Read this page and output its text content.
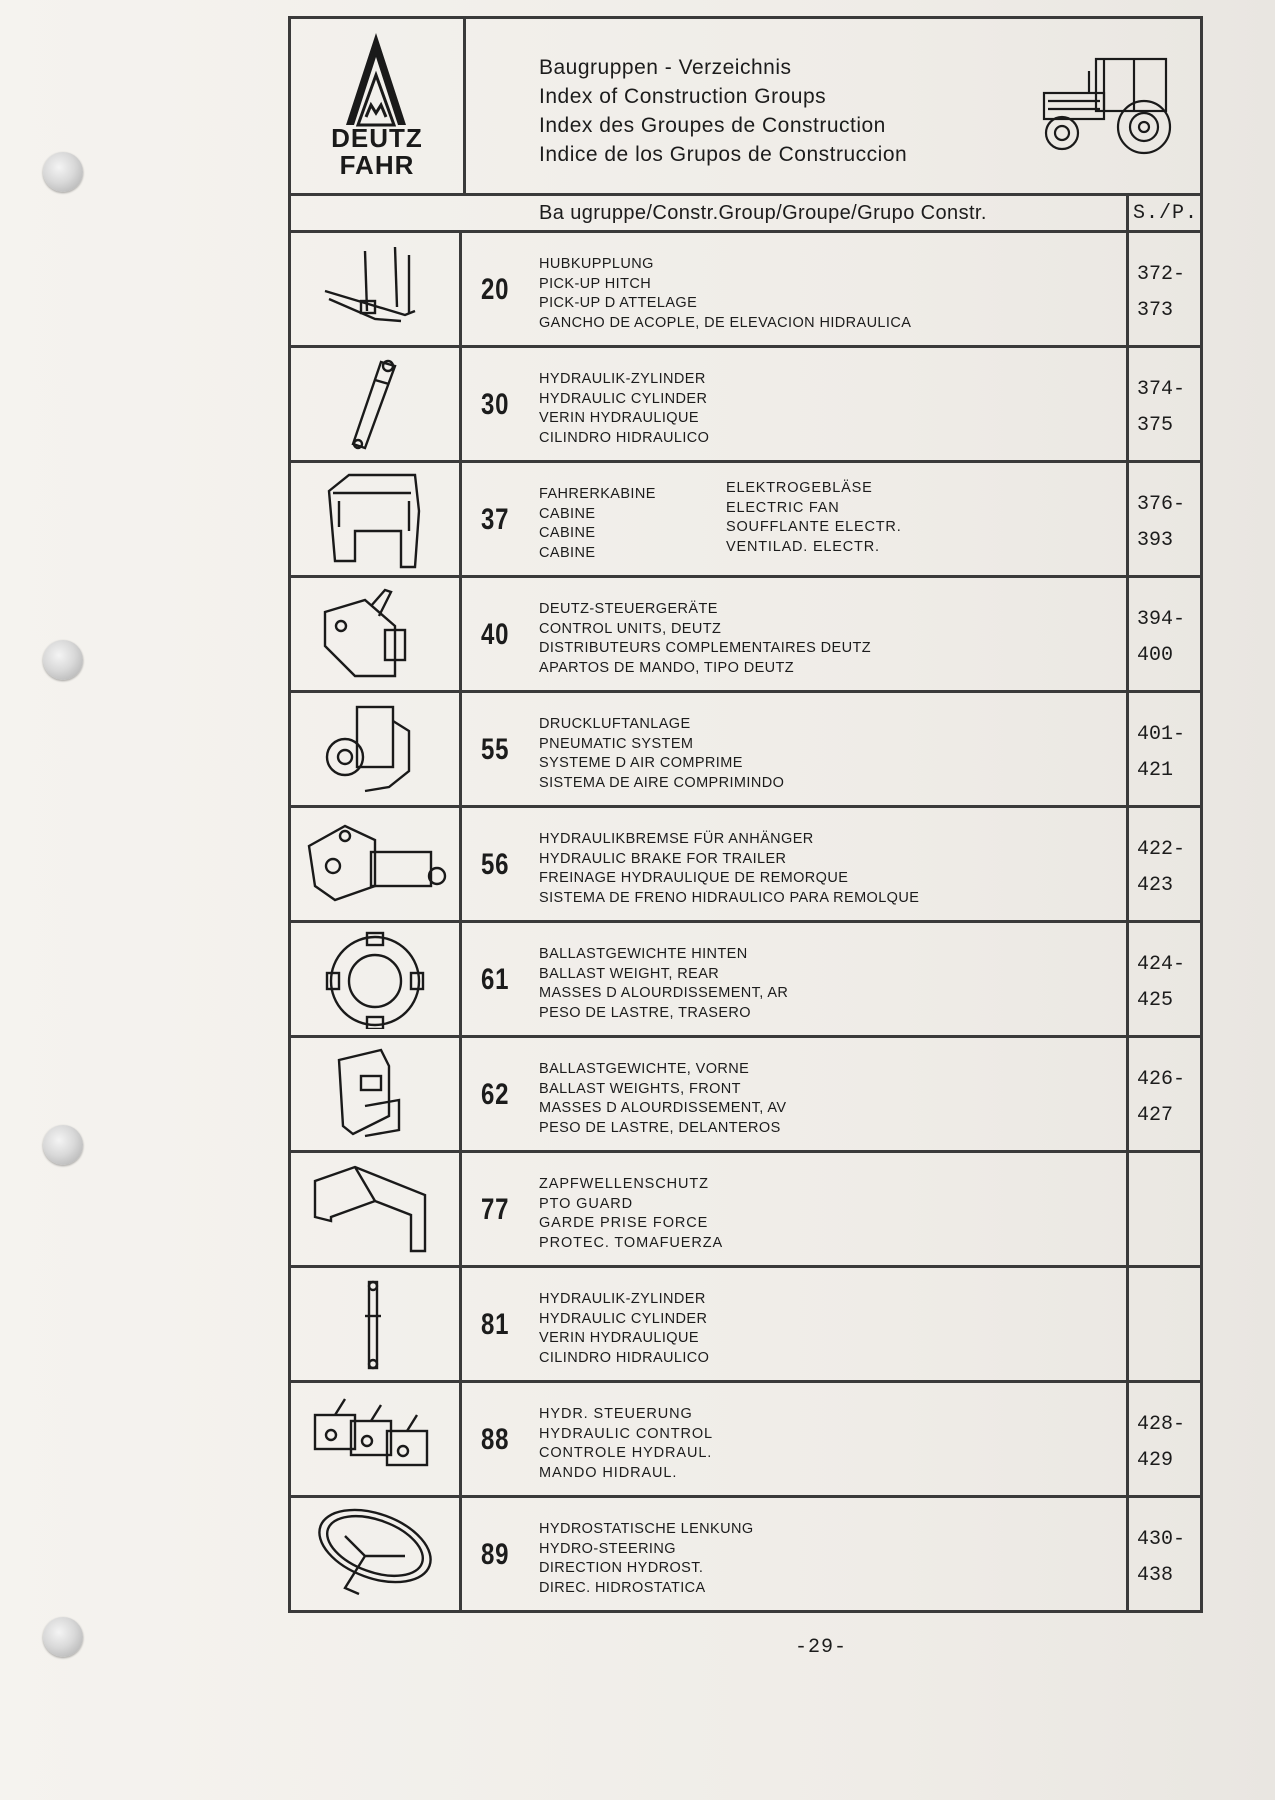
DEUTZ
FAHR
Baugruppen - Verzeichnis
Index of Construction Groups
Index des Groupes de Construction
Indice de los Grupos de Construccion
Ba ugruppe/Constr.Group/Groupe/Grupo Constr.	S./P.
20
HUBKUPPLUNG
PICK-UP HITCH
PICK-UP D ATTELAGE
GANCHO DE ACOPLE, DE ELEVACION HIDRAULICA
372-
373
30
HYDRAULIK-ZYLINDER
HYDRAULIC CYLINDER
VERIN HYDRAULIQUE
CILINDRO HIDRAULICO
374-
375
37
FAHRERKABINE
CABINE
CABINE
CABINE
ELEKTROGEBLÄSE
ELECTRIC FAN
SOUFFLANTE ELECTR.
VENTILAD. ELECTR.
376-
393
40
DEUTZ-STEUERGERÄTE
CONTROL UNITS, DEUTZ
DISTRIBUTEURS COMPLEMENTAIRES DEUTZ
APARTOS DE MANDO, TIPO DEUTZ
394-
400
55
DRUCKLUFTANLAGE
PNEUMATIC SYSTEM
SYSTEME D AIR COMPRIME
SISTEMA DE AIRE COMPRIMINDO
401-
421
56
HYDRAULIKBREMSE FÜR ANHÄNGER
HYDRAULIC BRAKE FOR TRAILER
FREINAGE HYDRAULIQUE DE REMORQUE
SISTEMA DE FRENO HIDRAULICO PARA REMOLQUE
422-
423
61
BALLASTGEWICHTE HINTEN
BALLAST WEIGHT, REAR
MASSES D ALOURDISSEMENT, AR
PESO DE LASTRE, TRASERO
424-
425
62
BALLASTGEWICHTE, VORNE
BALLAST WEIGHTS, FRONT
MASSES D ALOURDISSEMENT, AV
PESO DE LASTRE, DELANTEROS
426-
427
77
ZAPFWELLENSCHUTZ
PTO GUARD
GARDE PRISE FORCE
PROTEC. TOMAFUERZA
81
HYDRAULIK-ZYLINDER
HYDRAULIC CYLINDER
VERIN HYDRAULIQUE
CILINDRO HIDRAULICO
88
HYDR. STEUERUNG
HYDRAULIC CONTROL
CONTROLE HYDRAUL.
MANDO HIDRAUL.
428-
429
89
HYDROSTATISCHE LENKUNG
HYDRO-STEERING
DIRECTION HYDROST.
DIREC. HIDROSTATICA
430-
438
-29-
